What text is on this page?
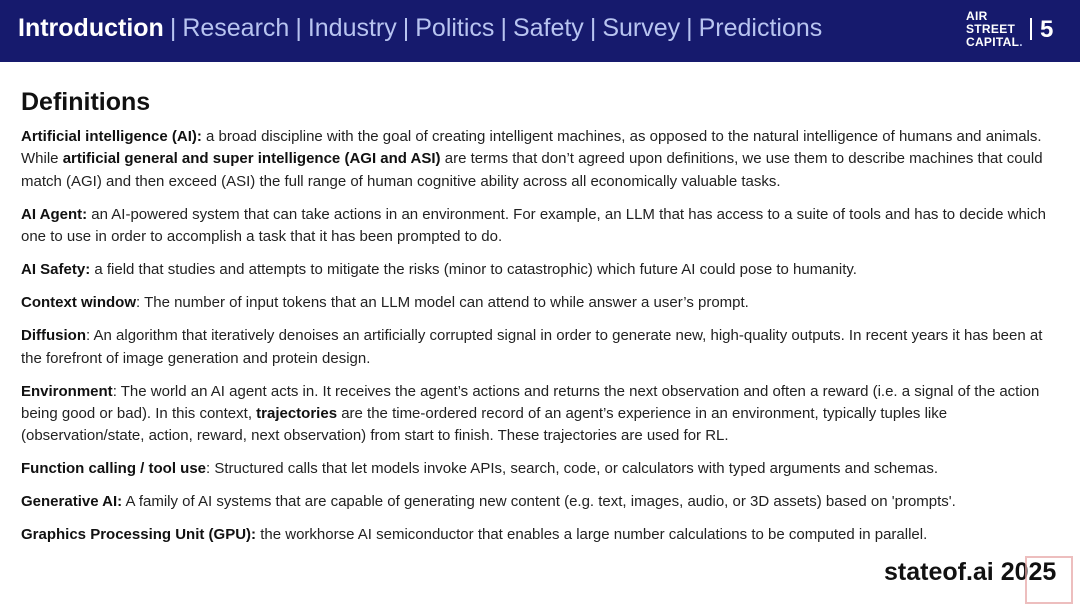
Introduction | Research | Industry | Politics | Safety | Survey | Predictions	AIR
STREET
CAPITAL. 5
Definitions

Artificial intelligence (AI): a broad discipline with the goal of creating intelligent machines, as opposed to the natural intelligence of humans and animals. While artificial general and super intelligence (AGI and ASI) are terms that don’t agreed upon definitions, we use them to describe machines that could match (AGI) and then exceed (ASI) the full range of human cognitive ability across all economically valuable tasks.

AI Agent: an AI-powered system that can take actions in an environment. For example, an LLM that has access to a suite of tools and has to decide which one to use in order to accomplish a task that it has been prompted to do.

AI Safety: a field that studies and attempts to mitigate the risks (minor to catastrophic) which future AI could pose to humanity.

Context window: The number of input tokens that an LLM model can attend to while answer a user’s prompt.

Diffusion: An algorithm that iteratively denoises an artificially corrupted signal in order to generate new, high-quality outputs. In recent years it has been at the forefront of image generation and protein design.

Environment: The world an AI agent acts in. It receives the agent’s actions and returns the next observation and often a reward (i.e. a signal of the action being good or bad). In this context, trajectories are the time-ordered record of an agent’s experience in an environment, typically tuples like (observation/state, action, reward, next observation) from start to finish. These trajectories are used for RL.

Function calling / tool use: Structured calls that let models invoke APIs, search, code, or calculators with typed arguments and schemas.

Generative AI: A family of AI systems that are capable of generating new content (e.g. text, images, audio, or 3D assets) based on 'prompts'.

Graphics Processing Unit (GPU): the workhorse AI semiconductor that enables a large number calculations to be computed in parallel.

stateof.ai 2025
